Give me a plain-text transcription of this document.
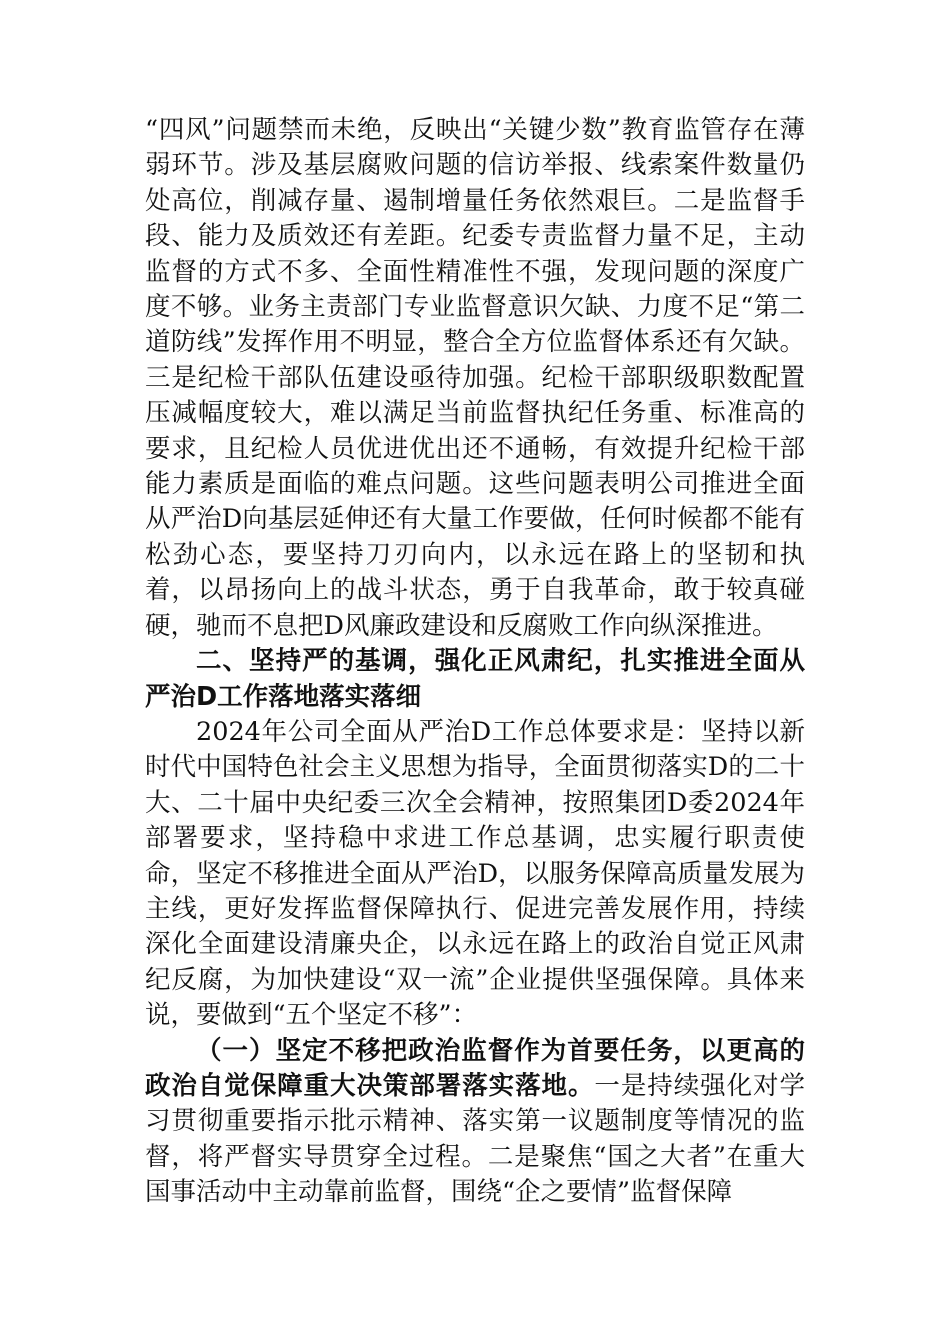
“四风”问题禁而未绝，反映出“关键少数”教育监管存在薄弱环节。涉及基层腐败问题的信访举报、线索案件数量仍处高位，削减存量、遏制增量任务依然艰巨。二是监督手段、能力及质效还有差距。纪委专责监督力量不足，主动监督的方式不多、全面性精准性不强，发现问题的深度广度不够。业务主责部门专业监督意识欠缺、力度不足“第二道防线”发挥作用不明显，整合全方位监督体系还有欠缺。三是纪检干部队伍建设亟待加强。纪检干部职级职数配置压减幅度较大，难以满足当前监督执纪任务重、标准高的要求，且纪检人员优进优出还不通畅，有效提升纪检干部能力素质是面临的难点问题。这些问题表明公司推进全面从严治D向基层延伸还有大量工作要做，任何时候都不能有松劲心态，要坚持刀刃向内，以永远在路上的坚韧和执着，以昂扬向上的战斗状态，勇于自我革命，敢于较真碰硬，驰而不息把D风廉政建设和反腐败工作向纵深推进。

二、坚持严的基调，强化正风肃纪，扎实推进全面从严治D工作落地落实落细

2024年公司全面从严治D工作总体要求是：坚持以新时代中国特色社会主义思想为指导，全面贯彻落实D的二十大、二十届中央纪委三次全会精神，按照集团D委2024年部署要求，坚持稳中求进工作总基调，忠实履行职责使命，坚定不移推进全面从严治D，以服务保障高质量发展为主线，更好发挥监督保障执行、促进完善发展作用，持续深化全面建设清廉央企，以永远在路上的政治自觉正风肃纪反腐，为加快建设“双一流”企业提供坚强保障。具体来说，要做到“五个坚定不移”：

（一）坚定不移把政治监督作为首要任务，以更高的政治自觉保障重大决策部署落实落地。一是持续强化对学习贯彻重要指示批示精神、落实第一议题制度等情况的监督，将严督实导贯穿全过程。二是聚焦“国之大者”在重大国事活动中主动靠前监督，围绕“企之要情”监督保障
